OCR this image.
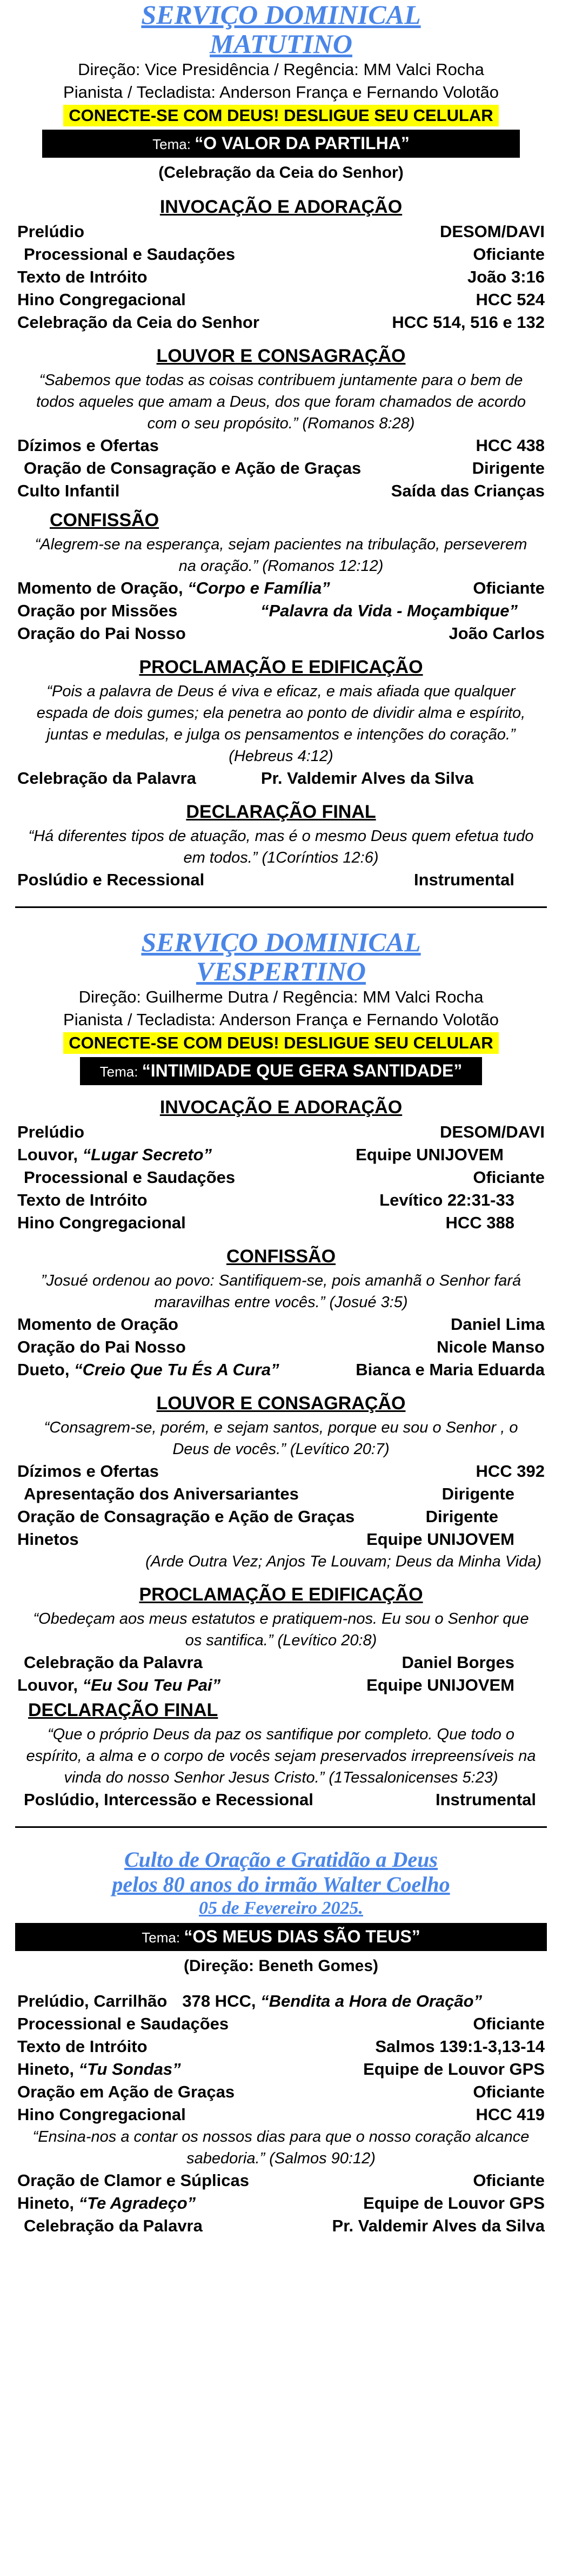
SERVIÇO DOMINICAL
MATUTINO
Direção: Vice Presidência / Regência: MM Valci Rocha
Pianista / Tecladista: Anderson França e Fernando Volotão
CONECTE-SE COM DEUS! DESLIGUE SEU CELULAR
Tema: “O VALOR DA PARTILHA”
(Celebração da Ceia do Senhor)
INVOCAÇÃO E ADORAÇÃO
Prelúdio	DESOM/DAVI
Processional e Saudações	Oficiante
Texto de Intróito	João 3:16
Hino Congregacional	HCC 524
Celebração da Ceia do Senhor	HCC 514, 516 e 132
LOUVOR E CONSAGRAÇÃO
“Sabemos que todas as coisas contribuem juntamente para o bem de todos aqueles que amam a Deus, dos que foram chamados de acordo com o seu propósito.” (Romanos 8:28)
Dízimos e Ofertas	HCC 438
Oração de Consagração e Ação de Graças	Dirigente
Culto Infantil	Saída das Crianças
CONFISSÃO
“Alegrem-se na esperança, sejam pacientes na tribulação, perseverem na oração.” (Romanos 12:12)
Momento de Oração, “Corpo e Família”	Oficiante
Oração por Missões	“Palavra da Vida - Moçambique”
Oração do Pai Nosso	João Carlos
PROCLAMAÇÃO E EDIFICAÇÃO
“Pois a palavra de Deus é viva e eficaz, e mais afiada que qualquer espada de dois gumes; ela penetra ao ponto de dividir alma e espírito, juntas e medulas, e julga os pensamentos e intenções do coração.” (Hebreus 4:12)
Celebração da Palavra	Pr. Valdemir Alves da Silva
DECLARAÇÃO FINAL
“Há diferentes tipos de atuação, mas é o mesmo Deus quem efetua tudo em todos.” (1Coríntios 12:6)
Poslúdio e Recessional	Instrumental
SERVIÇO DOMINICAL
VESPERTINO
Direção: Guilherme Dutra / Regência: MM Valci Rocha
Pianista / Tecladista: Anderson França e Fernando Volotão
CONECTE-SE COM DEUS! DESLIGUE SEU CELULAR
Tema: “INTIMIDADE QUE GERA SANTIDADE”
INVOCAÇÃO E ADORAÇÃO
Prelúdio	DESOM/DAVI
Louvor, “Lugar Secreto”	Equipe UNIJOVEM
Processional e Saudações	Oficiante
Texto de Intróito	Levítico 22:31-33
Hino Congregacional	HCC 388
CONFISSÃO
”Josué ordenou ao povo: Santifiquem-se, pois amanhã o Senhor fará maravilhas entre vocês.” (Josué 3:5)
Momento de Oração	Daniel Lima
Oração do Pai Nosso	Nicole Manso
Dueto, “Creio Que Tu És A Cura”	Bianca e Maria Eduarda
LOUVOR E CONSAGRAÇÃO
“Consagrem-se, porém, e sejam santos, porque eu sou o Senhor , o Deus de vocês.” (Levítico 20:7)
Dízimos e Ofertas	HCC 392
Apresentação dos Aniversariantes	Dirigente
Oração de Consagração e Ação de Graças	Dirigente
Hinetos	Equipe UNIJOVEM
(Arde Outra Vez; Anjos Te Louvam; Deus da Minha Vida)
PROCLAMAÇÃO E EDIFICAÇÃO
“Obedeçam aos meus estatutos e pratiquem-nos. Eu sou o Senhor que os santifica.” (Levítico 20:8)
Celebração da Palavra	Daniel Borges
Louvor, “Eu Sou Teu Pai”	Equipe UNIJOVEM
DECLARAÇÃO FINAL
“Que o próprio Deus da paz os santifique por completo. Que todo o espírito, a alma e o corpo de vocês sejam preservados irrepreensíveis na vinda do nosso Senhor Jesus Cristo.” (1Tessalonicenses 5:23)
Poslúdio, Intercessão e Recessional	Instrumental
Culto de Oração e Gratidão a Deus
pelos 80 anos do irmão Walter Coelho
05 de Fevereiro 2025.
Tema: “OS MEUS DIAS SÃO TEUS”
(Direção: Beneth Gomes)
Prelúdio, Carrilhão 378 HCC, “Bendita a Hora de Oração”
Processional e Saudações	Oficiante
Texto de Intróito	Salmos 139:1-3,13-14
Hineto, “Tu Sondas”	Equipe de Louvor GPS
Oração em Ação de Graças	Oficiante
Hino Congregacional	HCC 419
“Ensina-nos a contar os nossos dias para que o nosso coração alcance sabedoria.” (Salmos 90:12)
Oração de Clamor e Súplicas	Oficiante
Hineto, “Te Agradeço”	Equipe de Louvor GPS
Celebração da Palavra	Pr. Valdemir Alves da Silva
